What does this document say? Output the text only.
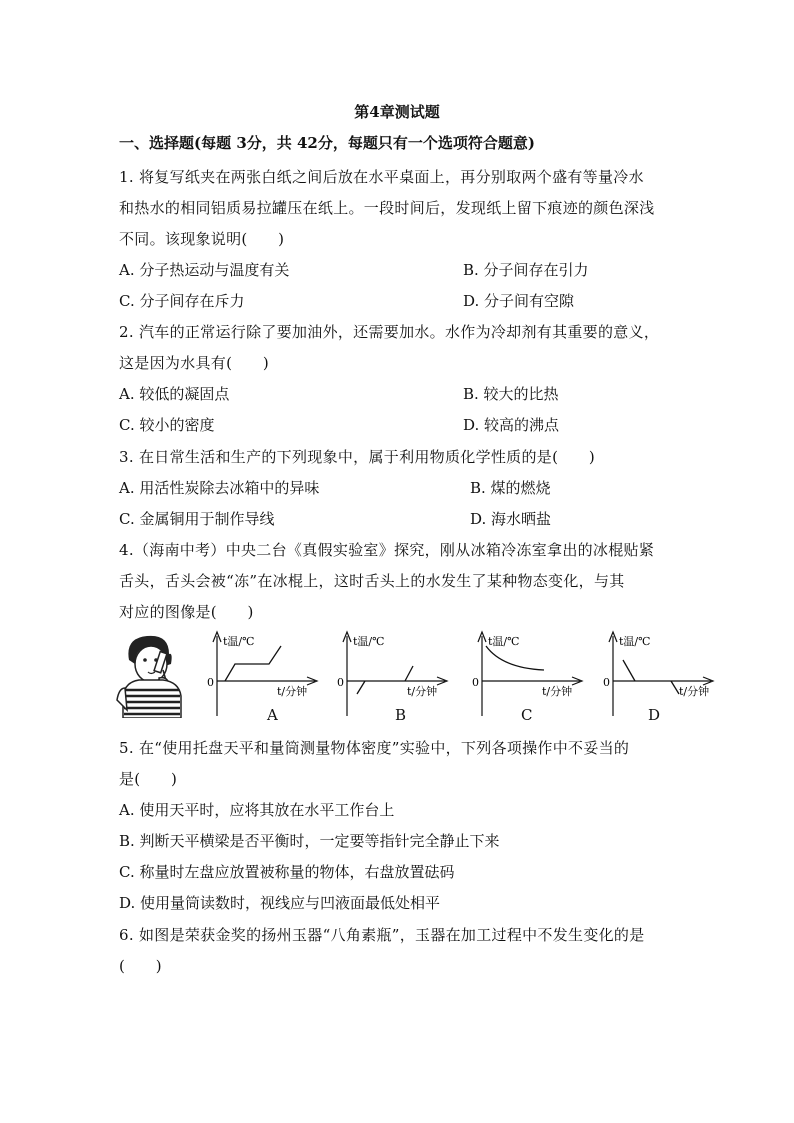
第4章测试题
一、选择题(每题 3分，共 42分，每题只有一个选项符合题意)
1. 将复写纸夹在两张白纸之间后放在水平桌面上，再分别取两个盛有等量冷水
和热水的相同铝质易拉罐压在纸上。一段时间后，发现纸上留下痕迹的颜色深浅
不同。该现象说明(　　)
A. 分子热运动与温度有关	B. 分子间存在引力
C. 分子间存在斥力	D. 分子间有空隙
2. 汽车的正常运行除了要加油外，还需要加水。水作为冷却剂有其重要的意义，
这是因为水具有(　　)
A. 较低的凝固点	B. 较大的比热
C. 较小的密度	D. 较高的沸点
3. 在日常生活和生产的下列现象中，属于利用物质化学性质的是(　　)
A. 用活性炭除去冰箱中的异味	B. 煤的燃烧
C. 金属铜用于制作导线	D. 海水晒盐
4.（海南中考）中央二台《真假实验室》探究，刚从冰箱冷冻室拿出的冰棍贴紧
舌头，舌头会被“冻”在冰棍上，这时舌头上的水发生了某种物态变化，与其
对应的图像是(　　)
t温/℃
0
t/分钟
A
t温/℃
0
t/分钟
B
t温/℃
0
t/分钟
C
t温/℃
0
t/分钟
D
5. 在“使用托盘天平和量筒测量物体密度”实验中，下列各项操作中不妥当的
是(　　)
A. 使用天平时，应将其放在水平工作台上
B. 判断天平横梁是否平衡时，一定要等指针完全静止下来
C. 称量时左盘应放置被称量的物体，右盘放置砝码
D. 使用量筒读数时，视线应与凹液面最低处相平
6. 如图是荣获金奖的扬州玉器“八角素瓶”，玉器在加工过程中不发生变化的是
(　　)
